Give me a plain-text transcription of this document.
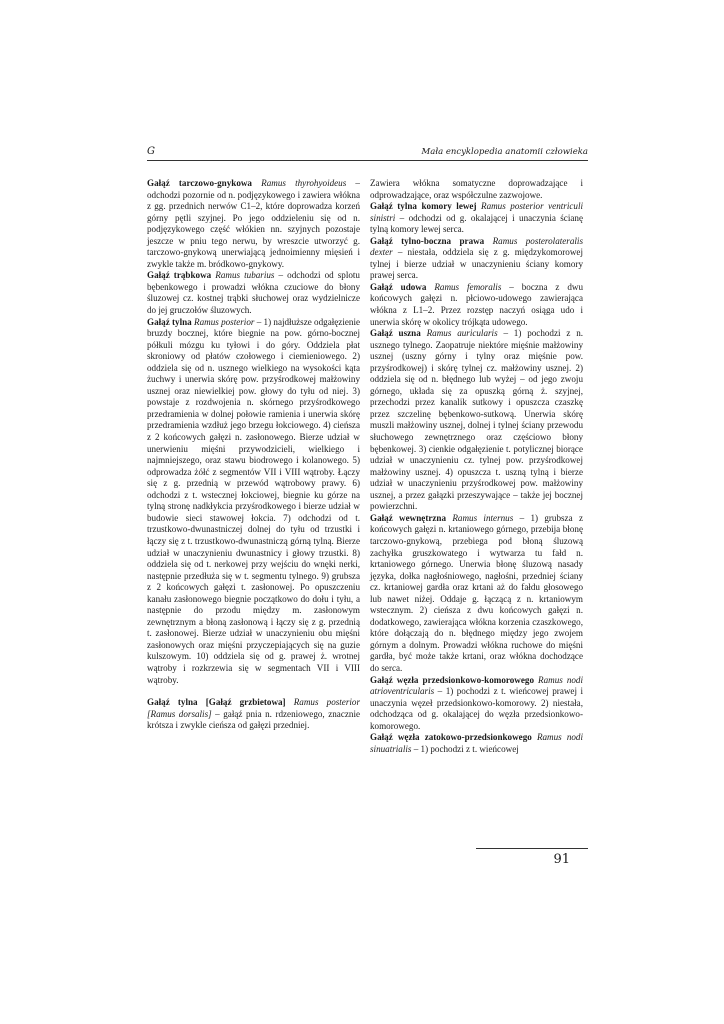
G	Mała encyklopedia anatomii człowieka

Gałąź tarczowo-gnykowa Ramus thyrohyoideus – odchodzi pozornie od n. podjęzykowego i zawiera włókna z gg. przednich nerwów C1–2, które doprowadza korzeń górny pętli szyjnej. Po jego oddzieleniu się od n. podjęzykowego część włókien nn. szyjnych pozostaje jeszcze w pniu tego nerwu, by wreszcie utworzyć g. tarczowo-gnykową unerwiającą jednoimienny mięsień i zwykle także m. bródkowo-gnykowy.

Gałąź trąbkowa Ramus tubarius – odchodzi od splotu bębenkowego i prowadzi włókna czuciowe do błony śluzowej cz. kostnej trąbki słuchowej oraz wydzielnicze do jej gruczołów śluzowych.

Gałąź tylna Ramus posterior – 1) najdłuższe odgałęzienie bruzdy bocznej, które biegnie na pow. górno-bocznej półkuli mózgu ku tyłowi i do góry. Oddziela płat skroniowy od płatów czołowego i ciemieniowego. 2) oddziela się od n. usznego wielkiego na wysokości kąta żuchwy i unerwia skórę pow. przyśrodkowej małżowiny usznej oraz niewielkiej pow. głowy do tyłu od niej. 3) powstaje z rozdwojenia n. skórnego przyśrodkowego przedramienia w dolnej połowie ramienia i unerwia skórę przedramienia wzdłuż jego brzegu łokciowego. 4) cieńsza z 2 końcowych gałęzi n. zasłonowego. Bierze udział w unerwieniu mięśni przywodzicieli, wielkiego i najmniejszego, oraz stawu biodrowego i kolanowego. 5) odprowadza żółć z segmentów VII i VIII wątroby. Łączy się z g. przednią w przewód wątrobowy prawy. 6) odchodzi z t. wstecznej łokciowej, biegnie ku górze na tylną stronę nadkłykcia przyśrodkowego i bierze udział w budowie sieci stawowej łokcia. 7) odchodzi od t. trzustkowo-dwunastniczej dolnej do tyłu od trzustki i łączy się z t. trzustkowo-dwunastniczą górną tylną. Bierze udział w unaczynieniu dwunastnicy i głowy trzustki. 8) oddziela się od t. nerkowej przy wejściu do wnęki nerki, następnie przedłuża się w t. segmentu tylnego. 9) grubsza z 2 końcowych gałęzi t. zasłonowej. Po opuszczeniu kanału zasłonowego biegnie początkowo do dołu i tyłu, a następnie do przodu między m. zasłonowym zewnętrznym a błoną zasłonową i łączy się z g. przednią t. zasłonowej. Bierze udział w unaczynieniu obu mięśni zasłonowych oraz mięśni przyczepiających się na guzie kulszowym. 10) oddziela się od g. prawej ż. wrotnej wątroby i rozkrzewia się w segmentach VII i VIII wątroby.

Gałąź tylna [Gałąź grzbietowa] Ramus posterior [Ramus dorsalis] – gałąź pnia n. rdzeniowego, znacznie krótsza i zwykle cieńsza od gałęzi przedniej.

Zawiera włókna somatyczne doprowadzające i odprowadzające, oraz współczulne zazwojowe.

Gałąź tylna komory lewej Ramus posterior ventriculi sinistri – odchodzi od g. okalającej i unaczynia ścianę tylną komory lewej serca.

Gałąź tylno-boczna prawa Ramus posterolateralis dexter – niestała, oddziela się z g. międzykomorowej tylnej i bierze udział w unaczynieniu ściany komory prawej serca.

Gałąź udowa Ramus femoralis – boczna z dwu końcowych gałęzi n. płciowo-udowego zawierająca włókna z L1–2. Przez rozstęp naczyń osiąga udo i unerwia skórę w okolicy trójkąta udowego.

Gałąź uszna Ramus auricularis – 1) pochodzi z n. usznego tylnego. Zaopatruje niektóre mięśnie małżowiny usznej (uszny górny i tylny oraz mięśnie pow. przyśrodkowej) i skórę tylnej cz. małżowiny usznej. 2) oddziela się od n. błędnego lub wyżej – od jego zwoju górnego, układa się za opuszką górną ż. szyjnej, przechodzi przez kanalik sutkowy i opuszcza czaszkę przez szczelinę bębenkowo-sutkową. Unerwia skórę muszli małżowiny usznej, dolnej i tylnej ściany przewodu słuchowego zewnętrznego oraz częściowo błony bębenkowej. 3) cienkie odgałęzienie t. potylicznej biorące udział w unaczynieniu cz. tylnej pow. przyśrodkowej małżowiny usznej. 4) opuszcza t. uszną tylną i bierze udział w unaczynieniu przyśrodkowej pow. małżowiny usznej, a przez gałązki przeszywające – także jej bocznej powierzchni.

Gałąź wewnętrzna Ramus internus – 1) grubsza z końcowych gałęzi n. krtaniowego górnego, przebija błonę tarczowo-gnykową, przebiega pod błoną śluzową zachyłka gruszkowatego i wytwarza tu fałd n. krtaniowego górnego. Unerwia błonę śluzową nasady języka, dołka nagłośniowego, nagłośni, przedniej ściany cz. krtaniowej gardła oraz krtani aż do fałdu głosowego lub nawet niżej. Oddaje g. łączącą z n. krtaniowym wstecznym. 2) cieńsza z dwu końcowych gałęzi n. dodatkowego, zawierająca włókna korzenia czaszkowego, które dołączają do n. błędnego między jego zwojem górnym a dolnym. Prowadzi włókna ruchowe do mięśni gardła, być może także krtani, oraz włókna dochodzące do serca.

Gałąź węzła przedsionkowo-komorowego Ramus nodi atrioventricularis – 1) pochodzi z t. wieńcowej prawej i unaczynia węzeł przedsionkowo-komorowy. 2) niestała, odchodząca od g. okalającej do węzła przedsionkowo-komorowego.

Gałąź węzła zatokowo-przedsionkowego Ramus nodi sinuatrialis – 1) pochodzi z t. wieńcowej

91
